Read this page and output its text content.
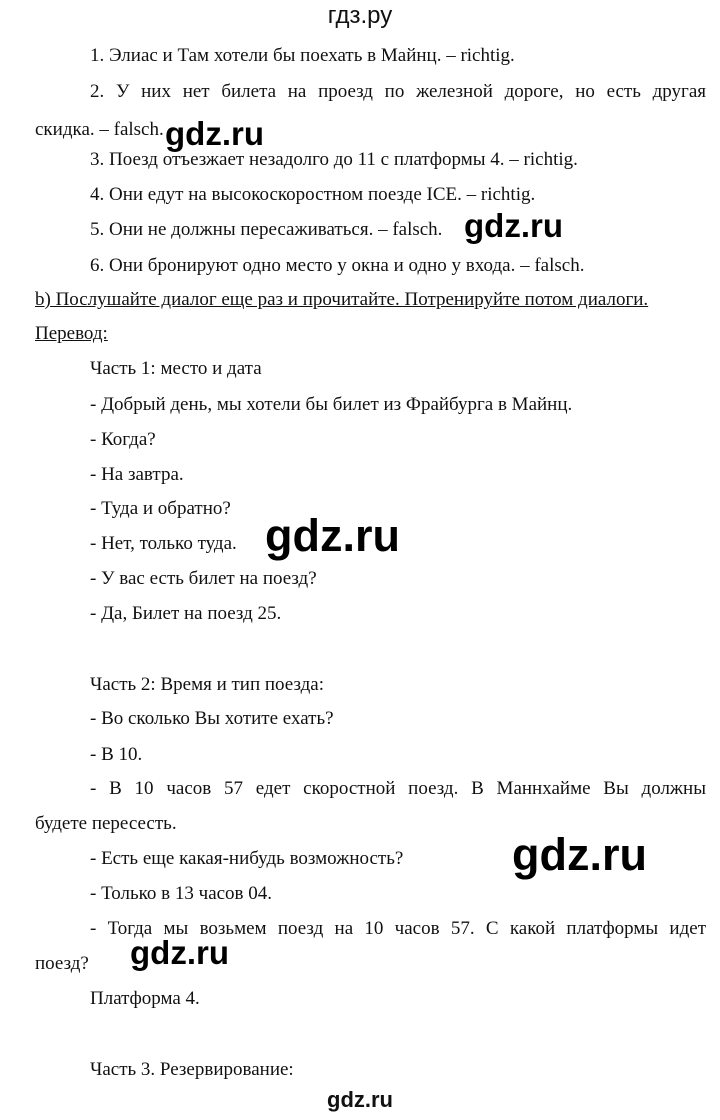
гдз.ру
1. Элиас и Там хотели бы поехать в Майнц. – richtig.
2. У них нет билета на проезд по железной дороге, но есть другая
скидка. – falsch.
3. Поезд отъезжает незадолго до 11 с платформы 4. – richtig.
4. Они едут на высокоскоростном поезде ICE. – richtig.
5. Они не должны пересаживаться. – falsch.
6. Они бронируют одно место у окна и одно у входа. – falsch.
b) Послушайте диалог еще раз и прочитайте. Потренируйте потом диалоги.
Перевод:
Часть 1: место и дата
- Добрый день, мы хотели бы билет из Фрайбурга в Майнц.
- Когда?
- На завтра.
- Туда и обратно?
- Нет, только туда.
- У вас есть билет на поезд?
- Да, Билет на поезд 25.
Часть 2: Время и тип поезда:
- Во сколько Вы хотите ехать?
- В 10.
- В 10 часов 57 едет скоростной поезд. В Маннхайме Вы должны
будете пересесть.
- Есть еще какая-нибудь возможность?
- Только в 13 часов 04.
- Тогда мы возьмем поезд на 10 часов 57. С какой платформы идет
поезд?
Платформа 4.
Часть 3. Резервирование:
gdz.ru
gdz.ru
gdz.ru
gdz.ru
gdz.ru
gdz.ru
